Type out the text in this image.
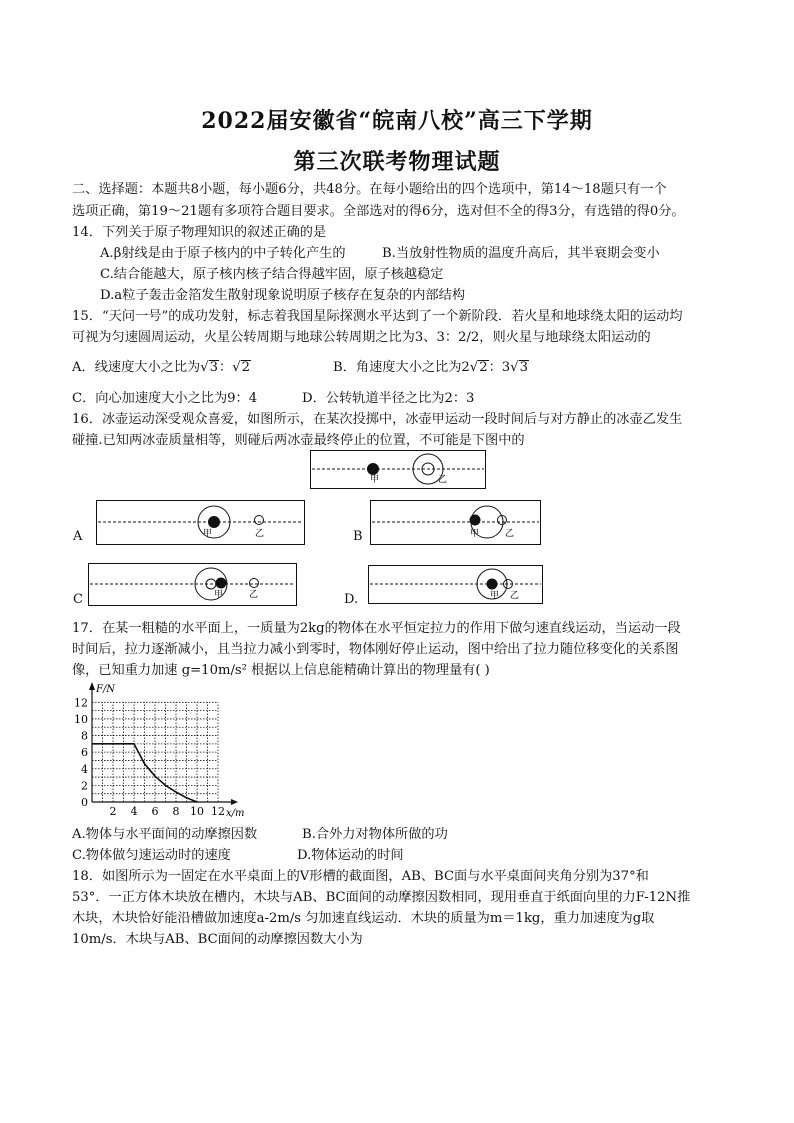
2022届安徽省“皖南八校”高三下学期
第三次联考物理试题
二、选择题：本题共8小题，每小题6分，共48分。在每小题给出的四个选项中，第14～18题只有一个
选项正确，第19～21题有多项符合题目要求。全部选对的得6分，选对但不全的得3分，有选错的得0分。
14．下列关于原子物理知识的叙述正确的是
A.β射线是由于原子核内的中子转化产生的	B.当放射性物质的温度升高后，其半衰期会变小
C.结合能越大，原子核内核子结合得越牢固，原子核越稳定
D.a粒子轰击金箔发生散射现象说明原子核存在复杂的内部结构
15．“天问一号”的成功发射，标志着我国星际探测水平达到了一个新阶段．若火星和地球绕太阳的运动均
可视为匀速圆周运动，火星公转周期与地球公转周期之比为3、3：2/2，则火星与地球绕太阳运动的
A．线速度大小之比为√3：√2	B．角速度大小之比为2√2：3√3
C．向心加速度大小之比为9：4	D．公转轨道半径之比为2：3
16．冰壶运动深受观众喜爱，如图所示，在某次投掷中，冰壶甲运动一段时间后与对方静止的冰壶乙发生
碰撞.已知两冰壶质量相等，则碰后两冰壶最终停止的位置，不可能是下图中的
甲	乙
甲	乙
A	甲	乙
B
甲	乙
C	甲 乙
D.
17．在某一粗糙的水平面上，一质量为2kg的物体在水平恒定拉力的作用下做匀速直线运动，当运动一段
时间后，拉力逐渐减小，且当拉力减小到零时，物体刚好停止运动，图中给出了拉力随位移变化的关系图
像，已知重力加速 g=10m/s² 根据以上信息能精确计算出的物理量有( )
0
2
4
6
8
10
12
2 4 6 8 10 12 x/m
F/N
A.物体与水平面间的动摩擦因数	B.合外力对物体所做的功
C.物体做匀速运动时的速度	D.物体运动的时间
18．如图所示为一固定在水平桌面上的V形槽的截面图，AB、BC面与水平桌面间夹角分别为37°和
53°．一正方体木块放在槽内，木块与AB、BC面间的动摩擦因数相同，现用垂直于纸面向里的力F-12N推
木块，木块恰好能沿槽做加速度a-2m/s 匀加速直线运动．木块的质量为m＝1kg，重力加速度为g取
10m/s．木块与AB、BC面间的动摩擦因数大小为
